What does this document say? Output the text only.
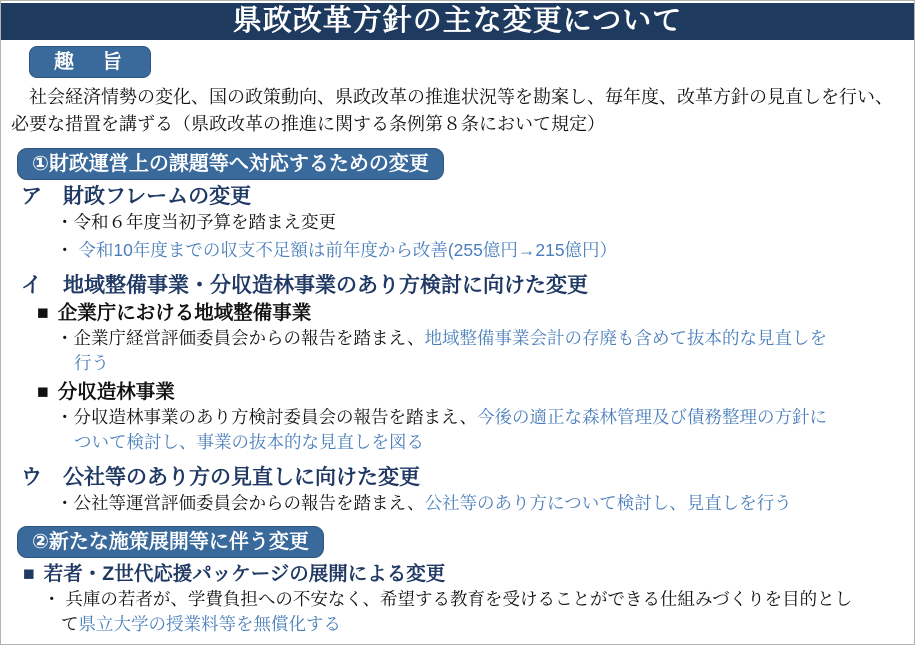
県政改革方針の主な変更について
趣　旨
　社会経済情勢の変化、国の政策動向、県政改革の推進状況等を勘案し、毎年度、改革方針の見直しを行い、必要な措置を講ずる（県政改革の推進に関する条例第８条において規定）
①財政運営上の課題等へ対応するための変更
ア　財政フレームの変更
・令和６年度当初予算を踏まえ変更
・ 令和10年度までの収支不足額は前年度から改善(255億円→215億円）
イ　地域整備事業・分収造林事業のあり方検討に向けた変更
■ 企業庁における地域整備事業
・企業庁経営評価委員会からの報告を踏まえ、地域整備事業会計の存廃も含めて抜本的な見直しを行う
■ 分収造林事業
・分収造林事業のあり方検討委員会の報告を踏まえ、今後の適正な森林管理及び債務整理の方針について検討し、事業の抜本的な見直しを図る
ウ　公社等のあり方の見直しに向けた変更
・公社等運営評価委員会からの報告を踏まえ、公社等のあり方について検討し、見直しを行う
②新たな施策展開等に伴う変更
■ 若者・Z世代応援パッケージの展開による変更
・ 兵庫の若者が、学費負担への不安なく、希望する教育を受けることができる仕組みづくりを目的として県立大学の授業料等を無償化する
